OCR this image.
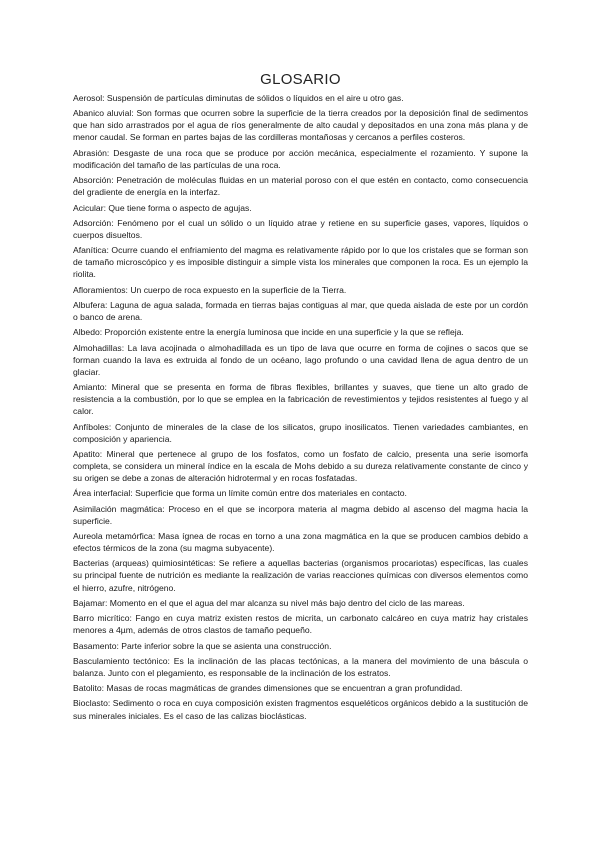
GLOSARIO

Aerosol : Suspensión de partículas diminutas de sólidos o líquidos en el aire u otro gas.

Abanico aluvial : Son formas que ocurren sobre la superficie de la tierra creados por la deposición final de sedimentos que han sido arrastrados por el agua de ríos generalmente de alto caudal y depositados en una zona más plana y de menor caudal. Se forman en partes bajas de las cordilleras montañosas y cercanos a perfiles costeros.

Abrasión : Desgaste de una roca que se produce por acción mecánica, especialmente el rozamiento. Y supone la modificación del tamaño de las partículas de una roca.

Absorción : Penetración de moléculas fluidas en un material poroso con el que estén en contacto, como consecuencia del gradiente de energía en la interfaz.

Acicular : Que tiene forma o aspecto de agujas.

Adsorción : Fenómeno por el cual un sólido o un líquido atrae y retiene en su superficie gases, vapores, líquidos o cuerpos disueltos.

Afanítica : Ocurre cuando el enfriamiento del magma es relativamente rápido por lo que los cristales que se forman son de tamaño microscópico y es imposible distinguir a simple vista los minerales que componen la roca. Es un ejemplo la riolita.

Afloramientos : Un cuerpo de roca expuesto en la superficie de la Tierra.

Albufera : Laguna de agua salada, formada en tierras bajas contiguas al mar, que queda aislada de este por un cordón o banco de arena.

Albedo : Proporción existente entre la energía luminosa que incide en una superficie y la que se refleja.

Almohadillas : La lava acojinada o almohadillada es un tipo de lava que ocurre en forma de cojines o sacos que se forman cuando la lava es extruida al fondo de un océano, lago profundo o una cavidad llena de agua dentro de un glaciar.

Amianto : Mineral que se presenta en forma de fibras flexibles, brillantes y suaves, que tiene un alto grado de resistencia a la combustión, por lo que se emplea en la fabricación de revestimientos y tejidos resistentes al fuego y al calor.

Anfíboles : Conjunto de minerales de la clase de los silicatos, grupo inosilicatos. Tienen variedades cambiantes, en composición y apariencia.

Apatito : Mineral que pertenece al grupo de los fosfatos, como un fosfato de calcio, presenta una serie isomorfa completa, se considera un mineral índice en la escala de Mohs debido a su dureza relativamente constante de cinco y su origen se debe a zonas de alteración hidrotermal y en rocas fosfatadas.

Área interfacial : Superficie que forma un límite común entre dos materiales en contacto.

Asimilación magmática : Proceso en el que se incorpora materia al magma debido al ascenso del magma hacia la superficie.

Aureola metamórfica : Masa ígnea de rocas en torno a una zona magmática en la que se producen cambios debido a efectos térmicos de la zona (su magma subyacente).

Bacterias (arqueas) quimiosintéticas : Se refiere a aquellas bacterias (organismos procariotas) específicas, las cuales su principal fuente de nutrición es mediante la realización de varias reacciones químicas con diversos elementos como el hierro, azufre, nitrógeno.

Bajamar : Momento en el que el agua del mar alcanza su nivel más bajo dentro del ciclo de las mareas.

Barro micrítico : Fango en cuya matriz existen restos de micrita, un carbonato calcáreo en cuya matriz hay cristales menores a 4µm, además de otros clastos de tamaño pequeño.

Basamento : Parte inferior sobre la que se asienta una construcción.

Basculamiento tectónico : Es la inclinación de las placas tectónicas, a la manera del movimiento de una báscula o balanza. Junto con el plegamiento, es responsable de la inclinación de los estratos.

Batolito : Masas de rocas magmáticas de grandes dimensiones que se encuentran a gran profundidad.

Bioclasto : Sedimento o roca en cuya composición existen fragmentos esqueléticos orgánicos debido a la sustitución de sus minerales iniciales. Es el caso de las calizas bioclásticas.
